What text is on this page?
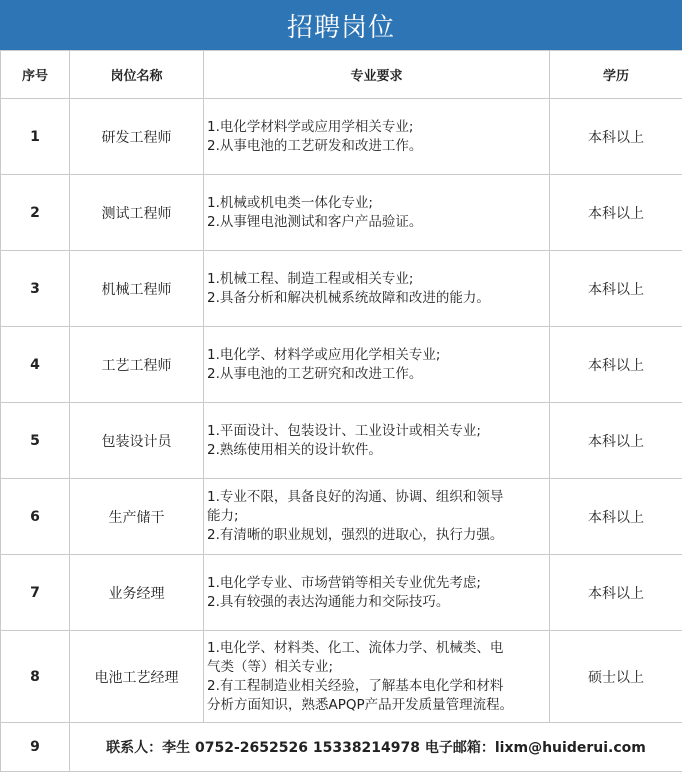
招聘岗位
序号	岗位名称	专业要求	学历
1	研发工程师	1.电化学材料学或应用学相关专业;
2.从事电池的工艺研发和改进工作。	本科以上
2	测试工程师	1.机械或机电类一体化专业;
2.从事锂电池测试和客户产品验证。	本科以上
3	机械工程师	1.机械工程、制造工程或相关专业;
2.具备分析和解决机械系统故障和改进的能力。	本科以上
4	工艺工程师	1.电化学、材料学或应用化学相关专业;
2.从事电池的工艺研究和改进工作。	本科以上
5	包装设计员	1.平面设计、包装设计、工业设计或相关专业;
2.熟练使用相关的设计软件。	本科以上
6	生产储干	1.专业不限，具备良好的沟通、协调、组织和领导
能力;
2.有清晰的职业规划，强烈的进取心，执行力强。	本科以上
7	业务经理	1.电化学专业、市场营销等相关专业优先考虑;
2.具有较强的表达沟通能力和交际技巧。	本科以上
8	电池工艺经理	1.电化学、材料类、化工、流体力学、机械类、电
气类（等）相关专业;
2.有工程制造业相关经验，了解基本电化学和材料
分析方面知识，熟悉APQP产品开发质量管理流程。	硕士以上
9	联系人：李生 0752-2652526 15338214978 电子邮箱：lixm@huiderui.com		
